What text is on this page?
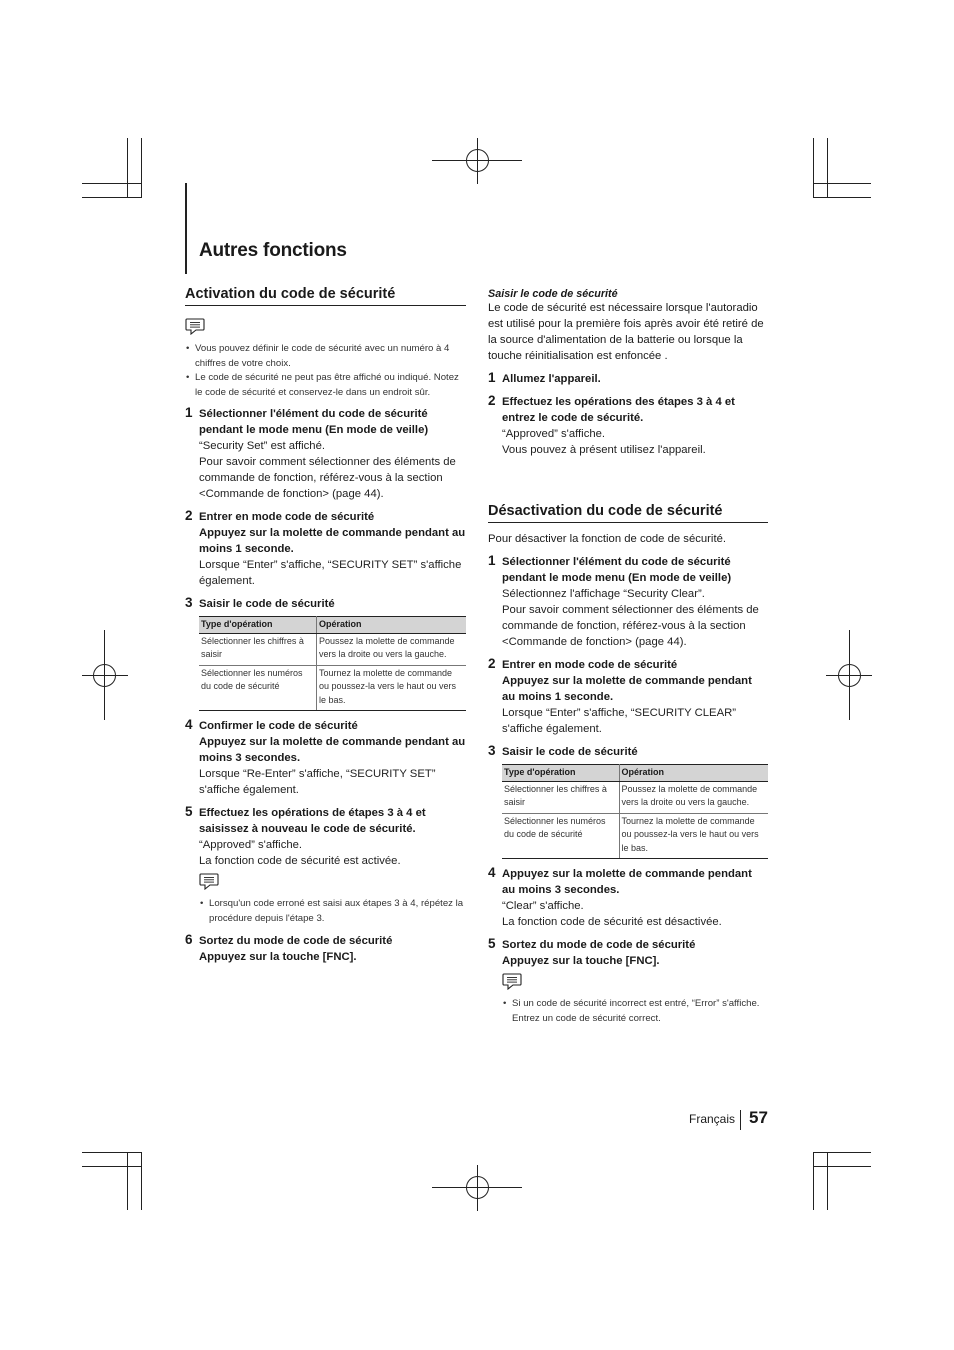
Autres fonctions
Activation du code de sécurité
• Vous pouvez définir le code de sécurité avec un numéro à 4 chiffres de votre choix.
• Le code de sécurité ne peut pas être affiché ou indiqué. Notez le code de sécurité et conservez-le dans un endroit sûr.
1 Sélectionner l'élément du code de sécurité pendant le mode menu (En mode de veille)
“Security Set” est affiché.
Pour savoir comment sélectionner des éléments de commande de fonction, référez-vous à la section <Commande de fonction> (page 44).
2 Entrer en mode code de sécurité
Appuyez sur la molette de commande pendant au moins 1 seconde.
Lorsque “Enter” s'affiche, “SECURITY SET” s'affiche également.
3 Saisir le code de sécurité
Type d'opération	Opération
Sélectionner les chiffres à saisir	Poussez la molette de commande vers la droite ou vers la gauche.
Sélectionner les numéros du code de sécurité	Tournez la molette de commande ou poussez-la vers le haut ou vers le bas.
4 Confirmer le code de sécurité
Appuyez sur la molette de commande pendant au moins 3 secondes.
Lorsque “Re-Enter” s'affiche, “SECURITY SET” s'affiche également.
5 Effectuez les opérations de étapes 3 à 4 et saisissez à nouveau le code de sécurité.
“Approved” s'affiche.
La fonction code de sécurité est activée.
• Lorsqu'un code erroné est saisi aux étapes 3 à 4, répétez la procédure depuis l'étape 3.
6 Sortez du mode de code de sécurité
Appuyez sur la touche [FNC].
Saisir le code de sécurité
Le code de sécurité est nécessaire lorsque l'autoradio est utilisé pour la première fois après avoir été retiré de la source d'alimentation de la batterie ou lorsque la touche réinitialisation est enfoncée .
1 Allumez l'appareil.
2 Effectuez les opérations des étapes 3 à 4 et entrez le code de sécurité.
“Approved” s'affiche.
Vous pouvez à présent utilisez l'appareil.
Désactivation du code de sécurité
Pour désactiver la fonction de code de sécurité.
1 Sélectionner l'élément du code de sécurité pendant le mode menu (En mode de veille)
Sélectionnez l'affichage “Security Clear”.
Pour savoir comment sélectionner des éléments de commande de fonction, référez-vous à la section <Commande de fonction> (page 44).
2 Entrer en mode code de sécurité
Appuyez sur la molette de commande pendant au moins 1 seconde.
Lorsque “Enter” s'affiche, “SECURITY CLEAR” s'affiche également.
3 Saisir le code de sécurité
Type d'opération	Opération
Sélectionner les chiffres à saisir	Poussez la molette de commande vers la droite ou vers la gauche.
Sélectionner les numéros du code de sécurité	Tournez la molette de commande ou poussez-la vers le haut ou vers le bas.
4 Appuyez sur la molette de commande pendant au moins 3 secondes.
“Clear” s'affiche.
La fonction code de sécurité est désactivée.
5 Sortez du mode de code de sécurité
Appuyez sur la touche [FNC].
• Si un code de sécurité incorrect est entré, “Error” s'affiche. Entrez un code de sécurité correct.
Français 57
